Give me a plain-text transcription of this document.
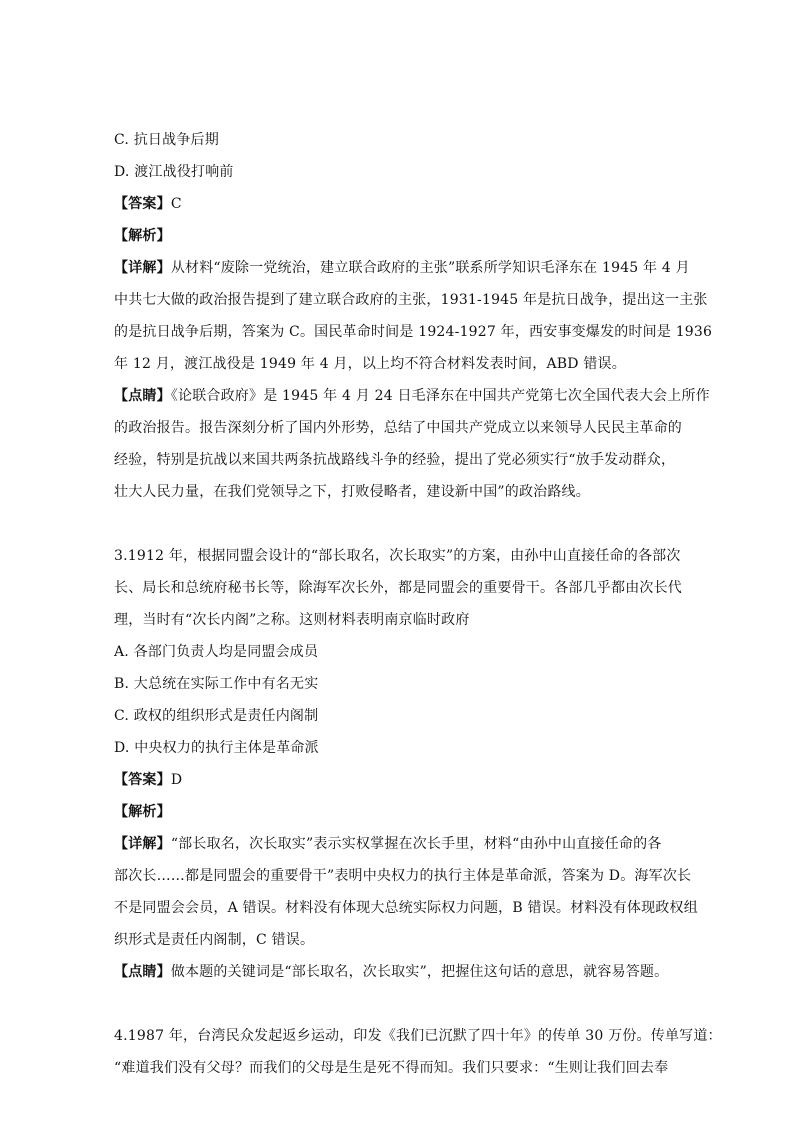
C. 抗日战争后期
D. 渡江战役打响前
【答案】C
【解析】
【详解】从材料“废除一党统治，建立联合政府的主张”联系所学知识毛泽东在 1945 年 4 月
中共七大做的政治报告提到了建立联合政府的主张，1931-1945 年是抗日战争，提出这一主张
的是抗日战争后期，答案为 C。国民革命时间是 1924-1927 年，西安事变爆发的时间是 1936
年 12 月，渡江战役是 1949 年 4 月，以上均不符合材料发表时间，ABD 错误。
【点睛】《论联合政府》是 1945 年 4 月 24 日毛泽东在中国共产党第七次全国代表大会上所作
的政治报告。报告深刻分析了国内外形势，总结了中国共产党成立以来领导人民民主革命的
经验，特别是抗战以来国共两条抗战路线斗争的经验，提出了党必须实行“放手发动群众，
壮大人民力量，在我们党领导之下，打败侵略者，建设新中国”的政治路线。
3.1912 年，根据同盟会设计的“部长取名，次长取实”的方案，由孙中山直接任命的各部次
长、局长和总统府秘书长等，除海军次长外，都是同盟会的重要骨干。各部几乎都由次长代
理，当时有“次长内阁”之称。这则材料表明南京临时政府
A. 各部门负责人均是同盟会成员
B. 大总统在实际工作中有名无实
C. 政权的组织形式是责任内阁制
D. 中央权力的执行主体是革命派
【答案】D
【解析】
【详解】“部长取名，次长取实”表示实权掌握在次长手里，材料“由孙中山直接任命的各
部次长……都是同盟会的重要骨干”表明中央权力的执行主体是革命派，答案为 D。海军次长
不是同盟会会员，A 错误。材料没有体现大总统实际权力问题，B 错误。材料没有体现政权组
织形式是责任内阁制，C 错误。
【点睛】做本题的关键词是“部长取名，次长取实”，把握住这句话的意思，就容易答题。
4.1987 年，台湾民众发起返乡运动，印发《我们已沉默了四十年》的传单 30 万份。传单写道：
“难道我们没有父母？而我们的父母是生是死不得而知。我们只要求：“生则让我们回去奉
